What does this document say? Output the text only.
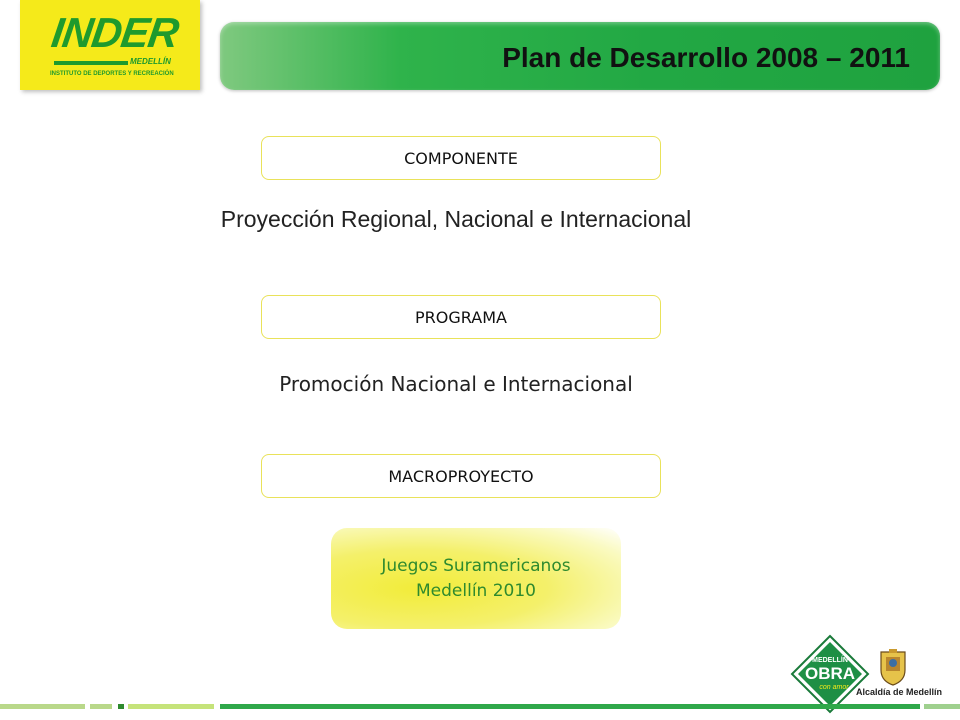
INDER
MEDELLÍN
INSTITUTO DE DEPORTES Y RECREACIÓN
Plan de Desarrollo 2008 – 2011
COMPONENTE
Proyección Regional, Nacional e Internacional
PROGRAMA
Promoción Nacional e Internacional
MACROPROYECTO
Juegos Suramericanos
Medellín 2010
MEDELLÍN
OBRA
con amor Alcaldía de Medellín
